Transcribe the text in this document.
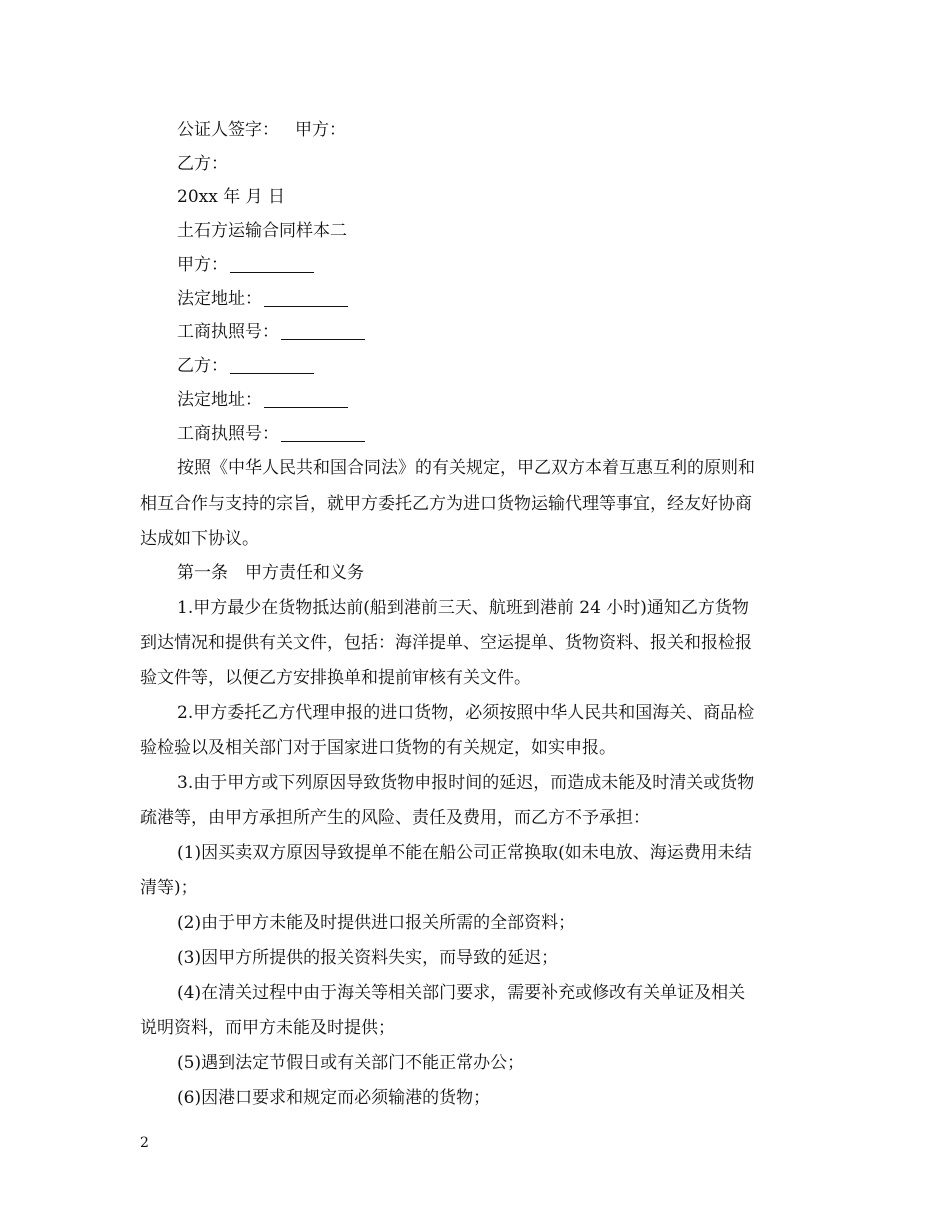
公证人签字： 甲方：
乙方：
20xx 年 月 日
土石方运输合同样本二
甲方：
法定地址：
工商执照号：
乙方：
法定地址：
工商执照号：
按照《中华人民共和国合同法》的有关规定，甲乙双方本着互惠互利的原则和
相互合作与支持的宗旨，就甲方委托乙方为进口货物运输代理等事宜，经友好协商
达成如下协议。
第一条　甲方责任和义务
1.甲方最少在货物抵达前(船到港前三天、航班到港前 24 小时)通知乙方货物
到达情况和提供有关文件，包括：海洋提单、空运提单、货物资料、报关和报检报
验文件等，以便乙方安排换单和提前审核有关文件。
2.甲方委托乙方代理申报的进口货物，必须按照中华人民共和国海关、商品检
验检验以及相关部门对于国家进口货物的有关规定，如实申报。
3.由于甲方或下列原因导致货物申报时间的延迟，而造成未能及时清关或货物
疏港等，由甲方承担所产生的风险、责任及费用，而乙方不予承担：
(1)因买卖双方原因导致提单不能在船公司正常换取(如未电放、海运费用未结
清等)；
(2)由于甲方未能及时提供进口报关所需的全部资料；
(3)因甲方所提供的报关资料失实，而导致的延迟；
(4)在清关过程中由于海关等相关部门要求，需要补充或修改有关单证及相关
说明资料，而甲方未能及时提供；
(5)遇到法定节假日或有关部门不能正常办公；
(6)因港口要求和规定而必须输港的货物；
2
